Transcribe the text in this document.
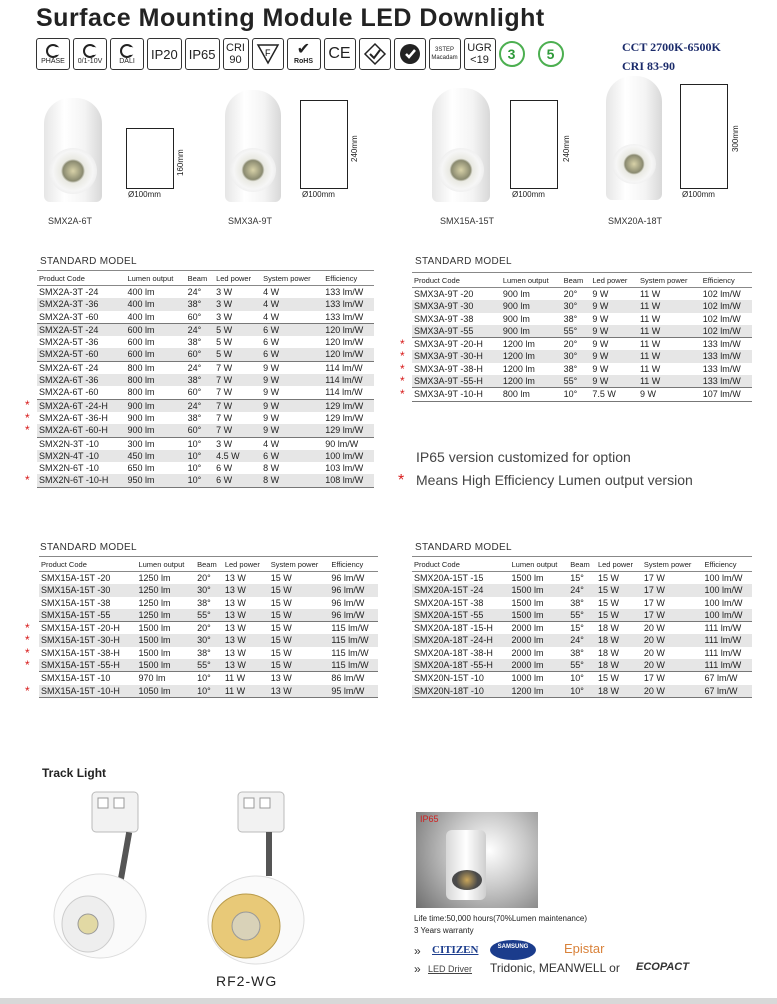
Surface Mounting Module LED Downlight
PHASE 0/1-10V DALI	IP20 IP65 CRI
90
F ✔
RoHS CE	3STEP
Macadam
UGR
<19	3	5	CCT 2700K-6500K
CRI 83-90
160mm
Ø100mm
SMX2A-6T
240mm
Ø100mm
SMX3A-9T
240mm
Ø100mm
SMX15A-15T
300mm
Ø100mm
SMX20A-18T
STANDARD MODEL	STANDARD MODEL
STANDARD MODEL	STANDARD MODEL
Product Code	Lumen output	Beam	Led power	System power	Efficiency
SMX2A-3T -24	400 lm	24°	3 W	4 W	133 lm/W
SMX2A-3T -36	400 lm	38°	3 W	4 W	133 lm/W
SMX2A-3T -60	400 lm	60°	3 W	4 W	133 lm/W
SMX2A-5T -24	600 lm	24°	5 W	6 W	120 lm/W
SMX2A-5T -36	600 lm	38°	5 W	6 W	120 lm/W
SMX2A-5T -60	600 lm	60°	5 W	6 W	120 lm/W
SMX2A-6T -24	800 lm	24°	7 W	9 W	114 lm/W
SMX2A-6T -36	800 lm	38°	7 W	9 W	114 lm/W
SMX2A-6T -60	800 lm	60°	7 W	9 W	114 lm/W
SMX2A-6T -24-H	900 lm	24°	7 W	9 W	129 lm/W
SMX2A-6T -36-H	900 lm	38°	7 W	9 W	129 lm/W
SMX2A-6T -60-H	900 lm	60°	7 W	9 W	129 lm/W
SMX2N-3T -10	300 lm	10°	3 W	4 W	90 lm/W
SMX2N-4T -10	450 lm	10°	4.5 W	6 W	100 lm/W
SMX2N-6T -10	650 lm	10°	6 W	8 W	103 lm/W
SMX2N-6T -10-H	950 lm	10°	6 W	8 W	108 lm/W
Product Code	Lumen output	Beam	Led power	System power	Efficiency
SMX3A-9T -20	900 lm	20°	9 W	11 W	102 lm/W
SMX3A-9T -30	900 lm	30°	9 W	11 W	102 lm/W
SMX3A-9T -38	900 lm	38°	9 W	11 W	102 lm/W
SMX3A-9T -55	900 lm	55°	9 W	11 W	102 lm/W
SMX3A-9T -20-H	1200 lm	20°	9 W	11 W	133 lm/W
SMX3A-9T -30-H	1200 lm	30°	9 W	11 W	133 lm/W
SMX3A-9T -38-H	1200 lm	38°	9 W	11 W	133 lm/W
SMX3A-9T -55-H	1200 lm	55°	9 W	11 W	133 lm/W
SMX3A-9T -10-H	800 lm	10°	7.5 W	9 W	107 lm/W
IP65 version customized for option
* Means High Efficiency Lumen output version
Product Code	Lumen output	Beam	Led power	System power	Efficiency
SMX15A-15T -20	1250 lm	20°	13 W	15 W	96 lm/W
SMX15A-15T -30	1250 lm	30°	13 W	15 W	96 lm/W
SMX15A-15T -38	1250 lm	38°	13 W	15 W	96 lm/W
SMX15A-15T -55	1250 lm	55°	13 W	15 W	96 lm/W
SMX15A-15T -20-H	1500 lm	20°	13 W	15 W	115 lm/W
SMX15A-15T -30-H	1500 lm	30°	13 W	15 W	115 lm/W
SMX15A-15T -38-H	1500 lm	38°	13 W	15 W	115 lm/W
SMX15A-15T -55-H	1500 lm	55°	13 W	15 W	115 lm/W
SMX15A-15T -10	970 lm	10°	11 W	13 W	86 lm/W
SMX15A-15T -10-H	1050 lm	10°	11 W	13 W	95 lm/W
Product Code	Lumen output	Beam	Led power	System power	Efficiency
SMX20A-15T -15	1500 lm	15°	15 W	17 W	100 lm/W
SMX20A-15T -24	1500 lm	24°	15 W	17 W	100 lm/W
SMX20A-15T -38	1500 lm	38°	15 W	17 W	100 lm/W
SMX20A-15T -55	1500 lm	55°	15 W	17 W	100 lm/W
SMX20A-18T -15-H	2000 lm	15°	18 W	20 W	111 lm/W
SMX20A-18T -24-H	2000 lm	24°	18 W	20 W	111 lm/W
SMX20A-18T -38-H	2000 lm	38°	18 W	20 W	111 lm/W
SMX20A-18T -55-H	2000 lm	55°	18 W	20 W	111 lm/W
SMX20N-15T -10	1000 lm	10°	15 W	17 W	67 lm/W
SMX20N-18T -10	1200 lm	10°	18 W	20 W	67 lm/W
Track Light
RF2-WG
IP65
Life time:50,000 hours(70%Lumen maintenance)
3 Years warranty
» CITIZEN	SAMSUNG
LEDs
Epistar
» LED Driver Tridonic, MEANWELL or ECOPACT
*
*
*
*
*
*
*
*
*
*
*
*
*
*
